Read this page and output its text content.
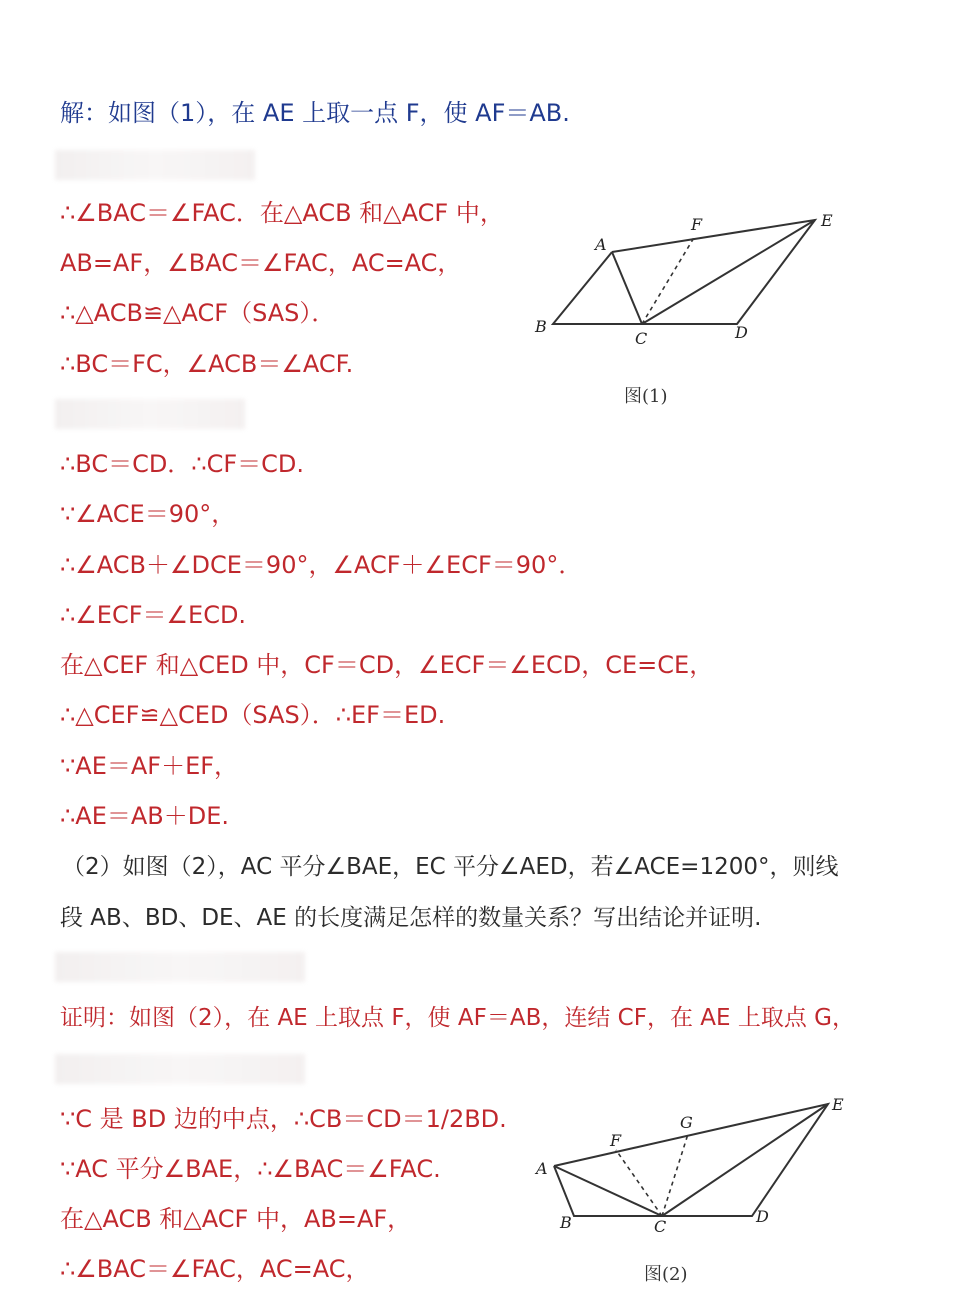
解：如图（1），在 AE 上取一点 F，使 AF＝AB.
∴∠BAC＝∠FAC．在△ACB 和△ACF 中，
AB=AF，∠BAC＝∠FAC，AC=AC，
∴△ACB≌△ACF（SAS）．
∴BC＝FC，∠ACB＝∠ACF.
∴BC＝CD．∴CF＝CD.
∵∠ACE＝90°，
∴∠ACB＋∠DCE＝90°，∠ACF＋∠ECF＝90°．
∴∠ECF＝∠ECD.
在△CEF 和△CED 中，CF＝CD，∠ECF＝∠ECD，CE=CE，
∴△CEF≌△CED（SAS）．∴EF＝ED.
∵AE＝AF＋EF，
∴AE＝AB＋DE.
（2）如图（2），AC 平分∠BAE，EC 平分∠AED，若∠ACE=1200°，则线
段 AB、BD、DE、AE 的长度满足怎样的数量关系？写出结论并证明.
证明：如图（2），在 AE 上取点 F，使 AF＝AB，连结 CF，在 AE 上取点 G，
∵C 是 BD 边的中点，∴CB＝CD＝1/2BD.
∵AC 平分∠BAE，∴∠BAC＝∠FAC.
在△ACB 和△ACF 中，AB=AF，
∴∠BAC＝∠FAC，AC=AC，
A
B
C	D
E
F
图(1)
A
B	C
D
E
F
G
图(2)
